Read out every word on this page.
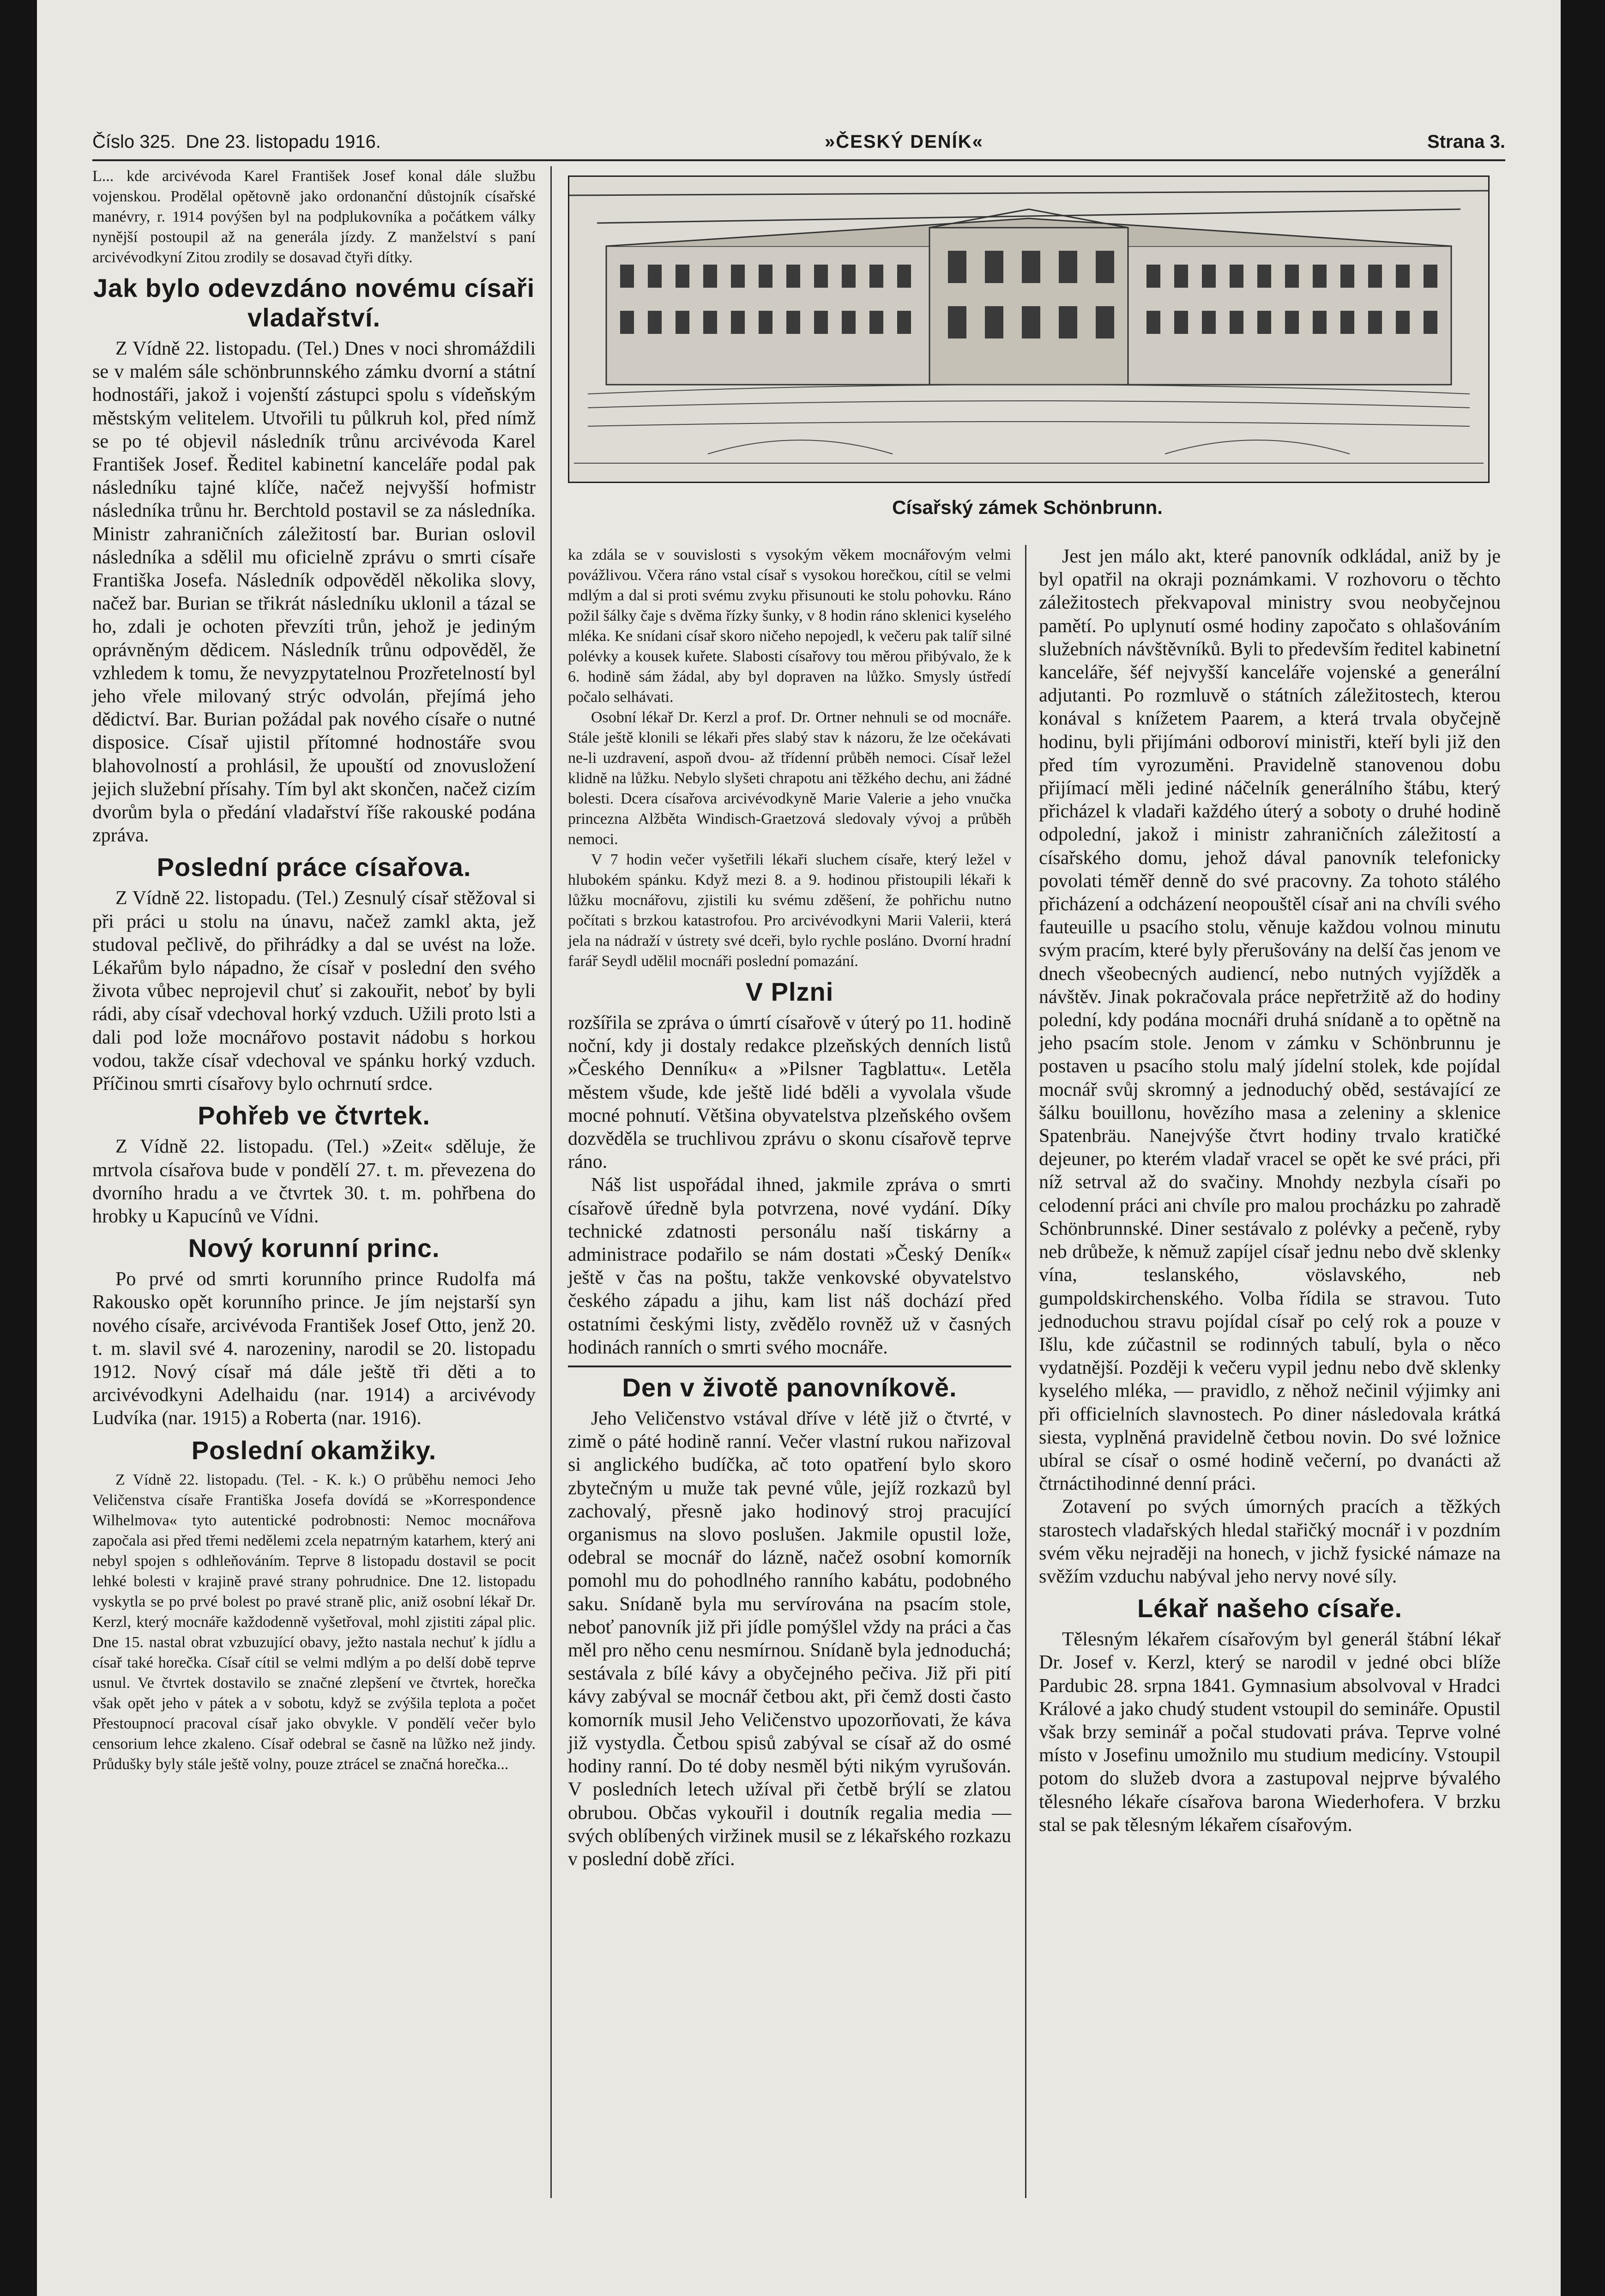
Číslo 325. Dne 23. listopadu 1916.	»ČESKÝ DENÍK«	Strana 3.

L... kde arcivévoda Karel František Josef konal dále službu vojenskou. Prodělal opětovně jako ordonanční důstojník císařské manévry, r. 1914 povýšen byl na podplukovníka a počátkem války nynější postoupil až na generála jízdy. Z manželství s paní arcivévodkyní Zitou zrodily se dosavad čtyři dítky.

Jak bylo odevzdáno novému císaři vladařství.

Z Vídně 22. listopadu. (Tel.) Dnes v noci shromáždili se v malém sále schönbrunnského zámku dvorní a státní hodnostáři, jakož i vojenští zástupci spolu s vídeňským městským velitelem. Utvořili tu půlkruh kol, před nímž se po té objevil následník trůnu arcivévoda Karel František Josef. Ředitel kabinetní kanceláře podal pak následníku tajné klíče, načež nejvyšší hofmistr následníka trůnu hr. Berchtold postavil se za následníka. Ministr zahraničních záležitostí bar. Burian oslovil následníka a sdělil mu oficielně zprávu o smrti císaře Františka Josefa. Následník odpověděl několika slovy, načež bar. Burian se třikrát následníku uklonil a tázal se ho, zdali je ochoten převzíti trůn, jehož je jediným oprávněným dědicem. Následník trůnu odpověděl, že vzhledem k tomu, že nevyzpytatelnou Prozřetelností byl jeho vřele milovaný strýc odvolán, přejímá jeho dědictví. Bar. Burian požádal pak nového císaře o nutné disposice. Císař ujistil přítomné hodnostáře svou blahovolností a prohlásil, že upouští od znovusložení jejich služební přísahy. Tím byl akt skončen, načež cizím dvorům byla o předání vladařství říše rakouské podána zpráva.

Poslední práce císařova.

Z Vídně 22. listopadu. (Tel.) Zesnulý císař stěžoval si při práci u stolu na únavu, načež zamkl akta, jež studoval pečlivě, do přihrádky a dal se uvést na lože. Lékařům bylo nápadno, že císař v poslední den svého života vůbec neprojevil chuť si zakouřit, neboť by byli rádi, aby císař vdechoval horký vzduch. Užili proto lsti a dali pod lože mocnářovo postavit nádobu s horkou vodou, takže císař vdechoval ve spánku horký vzduch. Příčinou smrti císařovy bylo ochrnutí srdce.

Pohřeb ve čtvrtek.

Z Vídně 22. listopadu. (Tel.) »Zeit« sděluje, že mrtvola císařova bude v pondělí 27. t. m. převezena do dvorního hradu a ve čtvrtek 30. t. m. pohřbena do hrobky u Kapucínů ve Vídni.

Nový korunní princ.

Po prvé od smrti korunního prince Rudolfa má Rakousko opět korunního prince. Je jím nejstarší syn nového císaře, arcivévoda František Josef Otto, jenž 20. t. m. slavil své 4. narozeniny, narodil se 20. listopadu 1912. Nový císař má dále ještě tři děti a to arcivévodkyni Adelhaidu (nar. 1914) a arcivévody Ludvíka (nar. 1915) a Roberta (nar. 1916).

Poslední okamžiky.

Z Vídně 22. listopadu. (Tel. - K. k.) O průběhu nemoci Jeho Veličenstva císaře Františka Josefa dovídá se »Korrespondence Wilhelmova« tyto autentické podrobnosti: Nemoc mocnářova započala asi před třemi nedělemi zcela nepatrným katarhem, který ani nebyl spojen s odhleňováním. Teprve 8 listopadu dostavil se pocit lehké bolesti v krajině pravé strany pohrudnice. Dne 12. listopadu vyskytla se po prvé bolest po pravé straně plic, aniž osobní lékař Dr. Kerzl, který mocnáře každodenně vyšetřoval, mohl zjistiti zápal plic. Dne 15. nastal obrat vzbuzující obavy, ježto nastala nechuť k jídlu a císař také horečka. Císař cítil se velmi mdlým a po delší době teprve usnul. Ve čtvrtek dostavilo se značné zlepšení ve čtvrtek, horečka však opět jeho v pátek a v sobotu, když se zvýšila teplota a počet Přestoupnocí pracoval císař jako obvykle. V pondělí večer bylo censorium lehce zkaleno. Císař odebral se časně na lůžko než jindy. Průdušky byly stále ještě volny, pouze ztrácel se značná horečka...

Císařský zámek Schönbrunn.

ka zdála se v souvislosti s vysokým věkem mocnářovým velmi povážlivou. Včera ráno vstal císař s vysokou horečkou, cítil se velmi mdlým a dal si proti svému zvyku přisunouti ke stolu pohovku. Ráno požil šálky čaje s dvěma řízky šunky, v 8 hodin ráno sklenici kyselého mléka. Ke snídani císař skoro ničeho nepojedl, k večeru pak talíř silné polévky a kousek kuřete. Slabosti císařovy tou měrou přibývalo, že k 6. hodině sám žádal, aby byl dopraven na lůžko. Smysly ústředí počalo selhávati.

Osobní lékař Dr. Kerzl a prof. Dr. Ortner nehnuli se od mocnáře. Stále ještě klonili se lékaři přes slabý stav k názoru, že lze očekávati ne-li uzdravení, aspoň dvou- až třídenní průběh nemoci. Císař ležel klidně na lůžku. Nebylo slyšeti chrapotu ani těžkého dechu, ani žádné bolesti. Dcera císařova arcivévodkyně Marie Valerie a jeho vnučka princezna Alžběta Windisch-Graetzová sledovaly vývoj a průběh nemoci.

V 7 hodin večer vyšetřili lékaři sluchem císaře, který ležel v hlubokém spánku. Když mezi 8. a 9. hodinou přistoupili lékaři k lůžku mocnářovu, zjistili ku svému zděšení, že pohřichu nutno počítati s brzkou katastrofou. Pro arcivévodkyni Marii Valerii, která jela na nádraží v ústrety své dceři, bylo rychle posláno. Dvorní hradní farář Seydl udělil mocnáři poslední pomazání.

V Plzni

rozšířila se zpráva o úmrtí císařově v úterý po 11. hodině noční, kdy ji dostaly redakce plzeňských denních listů »Českého Denníku« a »Pilsner Tagblattu«. Letěla městem všude, kde ještě lidé bděli a vyvolala všude mocné pohnutí. Většina obyvatelstva plzeňského ovšem dozvěděla se truchlivou zprávu o skonu císařově teprve ráno.

Náš list uspořádal ihned, jakmile zpráva o smrti císařově úředně byla potvrzena, nové vydání. Díky technické zdatnosti personálu naší tiskárny a administrace podařilo se nám dostati »Český Deník« ještě v čas na poštu, takže venkovské obyvatelstvo českého západu a jihu, kam list náš dochází před ostatními českými listy, zvědělo rovněž už v časných hodinách ranních o smrti svého mocnáře.

Den v životě panovníkově.

Jeho Veličenstvo vstával dříve v létě již o čtvrté, v zimě o páté hodině ranní. Večer vlastní rukou nařizoval si anglického budíčka, ač toto opatření bylo skoro zbytečným u muže tak pevné vůle, jejíž rozkazů byl zachovalý, přesně jako hodinový stroj pracující organismus na slovo poslušen. Jakmile opustil lože, odebral se mocnář do lázně, načež osobní komorník pomohl mu do pohodlného ranního kabátu, podobného saku. Snídaně byla mu servírována na psacím stole, neboť panovník již při jídle pomýšlel vždy na práci a čas měl pro něho cenu nesmírnou. Snídaně byla jednoduchá; sestávala z bílé kávy a obyčejného pečiva. Již při pití kávy zabýval se mocnář četbou akt, při čemž dosti často komorník musil Jeho Veličenstvo upozorňovati, že káva již vystydla. Četbou spisů zabýval se císař až do osmé hodiny ranní. Do té doby nesměl býti nikým vyrušován. V posledních letech užíval při četbě brýlí se zlatou obrubou. Občas vykouřil i doutník regalia media — svých oblíbených viržinek musil se z lékařského rozkazu v poslední době zříci.

Jest jen málo akt, které panovník odkládal, aniž by je byl opatřil na okraji poznámkami. V rozhovoru o těchto záležitostech překvapoval ministry svou neobyčejnou pamětí. Po uplynutí osmé hodiny započato s ohlašováním služebních návštěvníků. Byli to především ředitel kabinetní kanceláře, šéf nejvyšší kanceláře vojenské a generální adjutanti. Po rozmluvě o státních záležitostech, kterou konával s knížetem Paarem, a která trvala obyčejně hodinu, byli přijímáni odboroví ministři, kteří byli již den před tím vyrozuměni. Pravidelně stanovenou dobu přijímací měli jediné náčelník generálního štábu, který přicházel k vladaři každého úterý a soboty o druhé hodině odpolední, jakož i ministr zahraničních záležitostí a císařského domu, jehož dával panovník telefonicky povolati téměř denně do své pracovny. Za tohoto stálého přicházení a odcházení neopouštěl císař ani na chvíli svého fauteuille u psacího stolu, věnuje každou volnou minutu svým pracím, které byly přerušovány na delší čas jenom ve dnech všeobecných audiencí, nebo nutných vyjížděk a návštěv. Jinak pokračovala práce nepřetržitě až do hodiny polední, kdy podána mocnáři druhá snídaně a to opětně na jeho psacím stole. Jenom v zámku v Schönbrunnu je postaven u psacího stolu malý jídelní stolek, kde pojídal mocnář svůj skromný a jednoduchý oběd, sestávající ze šálku bouillonu, hovězího masa a zeleniny a sklenice Spatenbräu. Nanejvýše čtvrt hodiny trvalo kratičké dejeuner, po kterém vladař vracel se opět ke své práci, při níž setrval až do svačiny. Mnohdy nezbyla císaři po celodenní práci ani chvíle pro malou procházku po zahradě Schönbrunnské. Diner sestávalo z polévky a pečeně, ryby neb drůbeže, k němuž zapíjel císař jednu nebo dvě sklenky vína, teslanského, vöslavského, neb gumpoldskirchenského. Volba řídila se stravou. Tuto jednoduchou stravu pojídal císař po celý rok a pouze v Išlu, kde zúčastnil se rodinných tabulí, byla o něco vydatnější. Později k večeru vypil jednu nebo dvě sklenky kyselého mléka, — pravidlo, z něhož nečinil výjimky ani při officielních slavnostech. Po diner následovala krátká siesta, vyplněná pravidelně četbou novin. Do své ložnice ubíral se císař o osmé hodině večerní, po dvanácti až čtrnáctihodinné denní práci.

Zotavení po svých úmorných pracích a těžkých starostech vladařských hledal stařičký mocnář i v pozdním svém věku nejraději na honech, v jichž fysické námaze na svěžím vzduchu nabýval jeho nervy nové síly.

Lékař našeho císaře.

Tělesným lékařem císařovým byl generál štábní lékař Dr. Josef v. Kerzl, který se narodil v jedné obci blíže Pardubic 28. srpna 1841. Gymnasium absolvoval v Hradci Králové a jako chudý student vstoupil do semináře. Opustil však brzy seminář a počal studovati práva. Teprve volné místo v Josefinu umožnilo mu studium medicíny. Vstoupil potom do služeb dvora a zastupoval nejprve bývalého tělesného lékaře císařova barona Wiederhofera. V brzku stal se pak tělesným lékařem císařovým.
